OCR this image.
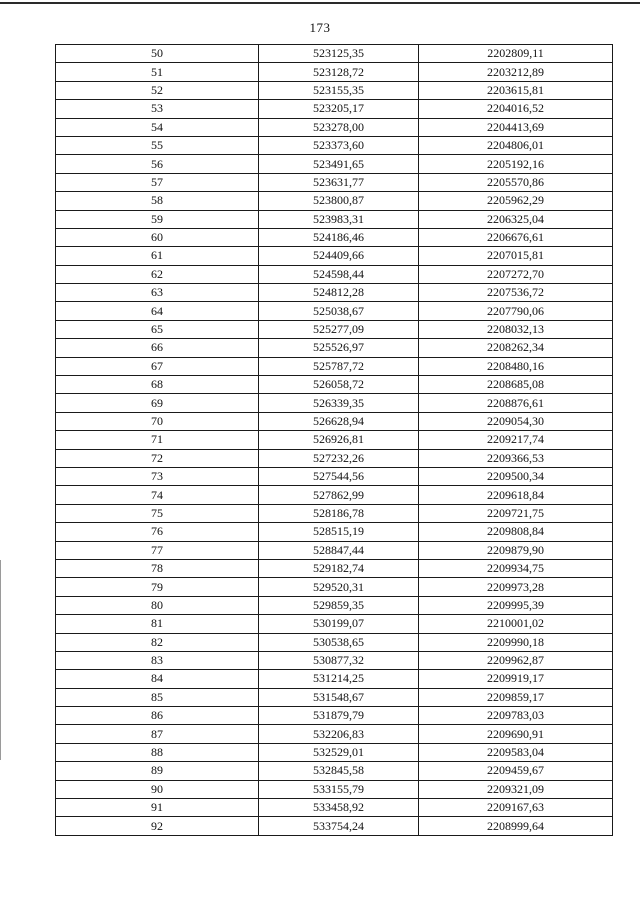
173
50	523125,35	2202809,11
51	523128,72	2203212,89
52	523155,35	2203615,81
53	523205,17	2204016,52
54	523278,00	2204413,69
55	523373,60	2204806,01
56	523491,65	2205192,16
57	523631,77	2205570,86
58	523800,87	2205962,29
59	523983,31	2206325,04
60	524186,46	2206676,61
61	524409,66	2207015,81
62	524598,44	2207272,70
63	524812,28	2207536,72
64	525038,67	2207790,06
65	525277,09	2208032,13
66	525526,97	2208262,34
67	525787,72	2208480,16
68	526058,72	2208685,08
69	526339,35	2208876,61
70	526628,94	2209054,30
71	526926,81	2209217,74
72	527232,26	2209366,53
73	527544,56	2209500,34
74	527862,99	2209618,84
75	528186,78	2209721,75
76	528515,19	2209808,84
77	528847,44	2209879,90
78	529182,74	2209934,75
79	529520,31	2209973,28
80	529859,35	2209995,39
81	530199,07	2210001,02
82	530538,65	2209990,18
83	530877,32	2209962,87
84	531214,25	2209919,17
85	531548,67	2209859,17
86	531879,79	2209783,03
87	532206,83	2209690,91
88	532529,01	2209583,04
89	532845,58	2209459,67
90	533155,79	2209321,09
91	533458,92	2209167,63
92	533754,24	2208999,64
